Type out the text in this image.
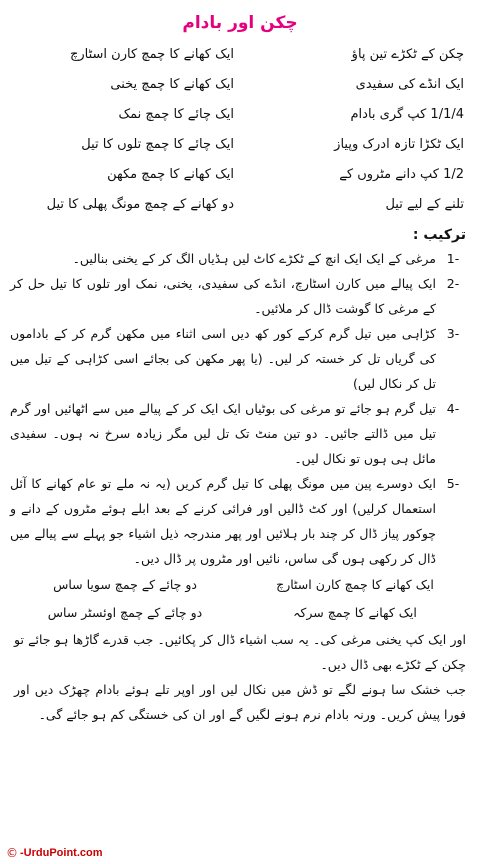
چکن اور بادام
چکن کے ٹکڑے تین پاؤ
ایک کھانے کا چمچ کارن اسٹارچ
ایک انڈے کی سفیدی
ایک کھانے کا چمچ یخنی
1/1/4 کپ گری بادام
ایک چائے کا چمچ نمک
ایک ٹکڑا تازہ ادرک وپیاز
ایک چائے کا چمچ تلوں کا تیل
1/2 کپ دانے مٹروں کے
ایک کھانے کا چمچ مکھن
تلنے کے لیے تیل
دو کھانے کے چمچ مونگ پھلی کا تیل
ترکیب :
1-
مرغی کے ایک ایک انچ کے ٹکڑے کاٹ لیں ہڈیاں الگ کر کے یخنی بنالیں۔
2-
ایک پیالے میں کارن اسٹارچ، انڈے کی سفیدی، یخنی، نمک اور تلوں کا تیل حل کر کے مرغی کا گوشت ڈال کر ملائیں۔
3-
کڑاہی میں تیل گرم کرکے کور کھ دیں اسی اثناء میں مکھن گرم کر کے باداموں کی گریاں تل کر خستہ کر لیں۔ (یا پھر مکھن کی بجائے اسی کڑاہی کے تیل میں تل کر نکال لیں)
4-
تیل گرم ہو جائے تو مرغی کی بوٹیاں ایک ایک کر کے پیالے میں سے اٹھائیں اور گرم تیل میں ڈالتے جائیں۔ دو تین منٹ تک تل لیں مگر زیادہ سرخ نہ ہوں۔ سفیدی مائل ہی ہوں تو نکال لیں۔
5-
ایک دوسرے پین میں مونگ پھلی کا تیل گرم کریں (یہ نہ ملے تو عام کھانے کا آئل استعمال کرلیں) اور کٹ ڈالیں اور فرائی کرنے کے بعد ابلے ہوئے مٹروں کے دانے و چوکور پیاز ڈال کر چند بار ہلائیں اور پھر مندرجہ ذیل اشیاء جو پہلے سے پیالے میں ڈال کر رکھی ہوں گی ساس، نائیں اور مٹروں پر ڈال دیں۔
ایک کھانے کا چمچ کارن اسٹارچ
دو چائے کے چمچ سویا ساس
ایک کھانے کا چمچ سرکہ
دو چائے کے چمچ اوئسٹر ساس
اور ایک کپ یخنی مرغی کی۔ یہ سب اشیاء ڈال کر پکائیں۔ جب قدرے گاڑھا ہو جائے تو چکن کے ٹکڑے بھی ڈال دیں۔
جب خشک سا ہونے لگے تو ڈش میں نکال لیں اور اوپر تلے ہوئے بادام چھڑک دیں اور فورا پیش کریں۔ ورنہ بادام نرم ہونے لگیں گے اور ان کی خستگی کم ہو جائے گی۔
© -UrduPoint.com
